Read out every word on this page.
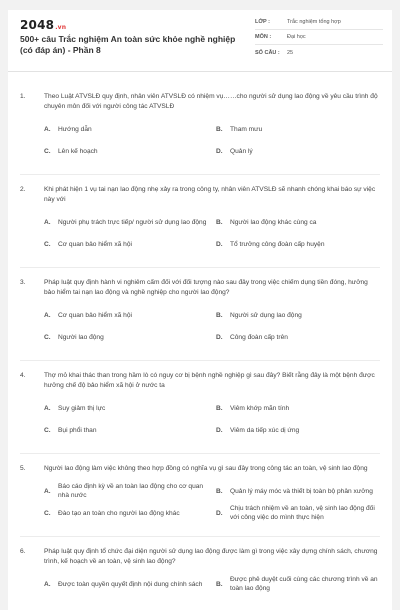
2048.vn
500+ câu Trắc nghiệm An toàn sức khỏe nghề nghiệp (có đáp án) - Phần 8
LỚP :	Trắc nghiệm tổng hợp
MÔN :	Đại học
SỐ CÂU :	25
1.	Theo Luật ATVSLĐ quy định, nhân viên ATVSLĐ có nhiệm vụ……cho người sử dụng lao động về yêu cầu trình độ chuyên môn đối với người công tác ATVSLĐ
A.	Hướng dẫn	B.	Tham mưu
C.	Lên kế hoạch	D.	Quản lý
2.	Khi phát hiện 1 vụ tai nạn lao động nhẹ xảy ra trong công ty, nhân viên ATVSLĐ sẽ nhanh chóng khai báo sự việc này với
A.	Người phụ trách trực tiếp/ người sử dụng lao động B.	Người lao động khác cùng ca
C.	Cơ quan bảo hiểm xã hội	D.	Tổ trưởng công đoàn cấp huyện
3.	Pháp luật quy định hành vi nghiêm cấm đối với đối tượng nào sau đây trong việc chiếm dụng tiền đóng, hưởng bảo hiểm tai nạn lao động và nghề nghiệp cho người lao động?
A.	Cơ quan bảo hiểm xã hội	B.	Người sử dụng lao động
C.	Người lao động	D.	Công đoàn cấp trên
4.	Thợ mỏ khai thác than trong hầm lò có nguy cơ bị bệnh nghề nghiệp gì sau đây? Biết rằng đây là một bệnh được hưởng chế độ bảo hiểm xã hội ở nước ta
A.	Suy giảm thị lực	B.	Viêm khớp mãn tính
C.	Bụi phổi than	D.	Viêm da tiếp xúc dị ứng
5.	Người lao động làm việc không theo hợp đồng có nghĩa vụ gì sau đây trong công tác an toàn, vệ sinh lao động
A.
Báo cáo định kỳ về an toàn lao động cho cơ quan nhà nước
B.	Quản lý máy móc và thiết bị toàn bộ phân xưởng
C.	Đào tạo an toàn cho người lao động khác	D.
Chịu trách nhiệm về an toàn, vệ sinh lao động đối với công việc do mình thực hiện
6.	Pháp luật quy định tổ chức đại diện người sử dụng lao động được làm gì trong việc xây dựng chính sách, chương trình, kế hoạch về an toàn, vệ sinh lao động?
A.	Được toàn quyền quyết định nội dung chính sách B.
Được phê duyệt cuối cùng các chương trình về an toàn lao động
